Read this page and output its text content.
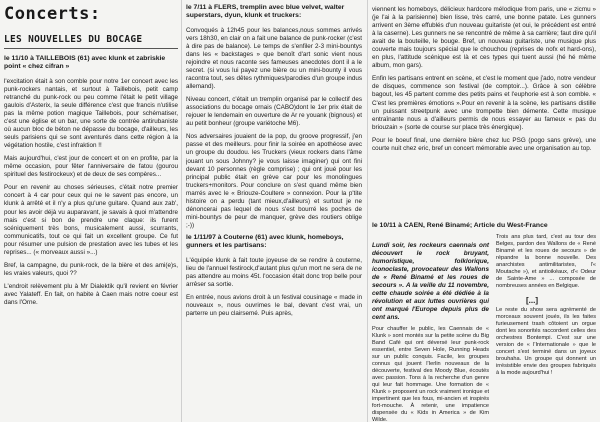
Concerts:
LES NOUVELLES DU BOCAGE
le 11/10 à TAILLEBOIS (61) avec klunk et zabriskie point « chez cifran »

l'excitation était à son comble pour notre 1er concert avec les punk-rockers nantais, et surtout à Taillebois, petit camp retranché du punk-rock ou peu comme l'était le petit village gaulois d'Asterix, la seule différence c'est que francis n'utilise pas la même potion magique Taillebois, pour schématiser, c'est une église et un bar, une sorte de contrée antirubaniste où aucun bloc de béton ne dépasse du bocage, d'ailleurs, les seuls parisiens qui se sont aventurés dans cette région à la végétation hostile, c'est infraktion !!

Mais aujourd'hui, c'est jour de concert et on en profite, par la même occasion, pour fêter l'anniversaire de fatou (gourou spirituel des festirockeux) et de deux de ses compères...

Pour en revenir au choses sérieuses, c'était notre premier concert à 4 car pour ceux qui ne le savent pas encore, un klunk à arrêté et il n'y a plus qu'une guitare. Quand aux zab', pour les avoir déjà vu auparavant, je savais à quoi m'attendre mais c'est si bon de prendre une claque: ils furent scéniquement très bons, musicalement aussi, scurrants, communicatifs, tout ce qui fait un excellent groupe. Ce fut pour résumer une pulsion de prestation avec les tubes et les reprises... (« morveaux aussi »...)

Bref, la campagne, du punk-rock, de la bière et des ami(e)s, les vraies valeurs, quoi ??

L'endroit relèvement plu à Mr Dialektik qu'il revient en février avec Yalateff. En fait, on habite à Caen mais notre coeur est dans l'Orne.

le 7/11 à FLERS, tremplin avec blue velvet, walter superstars, dyun, klunk et truckers:

Convoqués à 12h45 pour les balances,nous sommes arrivés vers 18h30, en clair on a fait une balance de punk-rocker (c'est à dire pas de balance). Le temps de s'enfiler 2-3 mini-bountys dans les « backstages » que benoît d'art sonic vient nous rejoindre et nous raconte ses fameuses anecdotes dont il a le secret. (si vous lui payez une bière ou un mini-bounty il vous racontra tout, ses dêtes rythmiques/parodies d'un groupe indus allemand).

Niveau concert, c'était un tremplin organisé par le collectif des associations du bocage ornais (CABO)dont le 1er prix était de rejouer le lendemain en ouverture de Ar re youank (bignous) et au petit bonheur (groupe variétoche M6).

Nos adversaires jouaient de la pop, du groove progressif, j'en passe et des meilleurs. pour finir la soirée en apothéose avec un groupe du doudou. les Truckers (vieux rockers dans l'âme jouant un sous Johnny? je vous laisse imaginer) qui ont fini devant 10 personnes (règle comprise) ; qui ont joué pour les principal public était en grève car pour les monolingues truckers+monitors. Pour conclure on s'est quand même bien marrés avec le « Briouze-Coultere » connexion. Pour la p'tite histoire on a perdu (tant mieux,d'ailleurs) et surtout je ne dénoncerai pas lequel de nous s'est bourré les poches de mini-bountys de peur de manquer, grève des routiers oblige ;-))

le 1/11/97 à Couterne (61) avec klunk, homeboys, gunners et les partisans:

L'équipée klunk à fait toute joyeuse de se rendre à couterne, lieu de l'annuel festirock,d'autant plus qu'un mort ne sera de ne pas attendre au moins 45t. l'occasion était donc trop belle pour arrêser sa sortie.

En entrée, nous avions droit à un festival cousinage « made in nouveaux », nous ouvrimes le bal, devant c'est vrai, un parterre un peu clairsemé. Puis après,

viennent les homeboys, délicieux hardcore mélodique from paris, une « zicmu » (je l'ai à la parisienne) bien lisse, très carré, une bonne patate. Les gunners arrivent en 3ème effublés d'un nouveau guitariste (et oui, le précédent est entré à la caserne). Les gunners ne se rencontré de même à sa carrière; faut dire qu'il avait de la bouteille, le bouge. Bref, un nouveau guitariste, une musique plus couverte mais toujours spécial que le chouchou (reprises de nofx et hard-ons), en plus, l'attitude scénique est là et ces types qui tuent aussi (hé hé même album, mon gars).

Enfin les partisans entrent en scène, et c'est le moment que j'ado, notre vendeur de disques, commence son festival (de comptoir...). Grâce à son célèbre bagout, les 45 partent comme des petits pains et l'euphorie est à son comble. « C'est les premières émotions ».Pour en revenir à la scène, les partisans distille un puissant streetpunk avec une trompette bien démente. Cette musique entraînante nous a d'ailleurs permis de nous essayer au fameux « pas du briouzain » (sorte de course sur place très énergique).

Pour le boeuf final, une dernière bière chez luc PSG (pogo sans grève), une courte nuit chez eric, bref un concert mémorable avec une organisation au top.

le 10/11 à CAEN, René Binamé; Article du West-France
Lundi soir, les rockeurs caennais ont découvert le rock bruyant, humoristique, folklorique, iconoclaste, provocateur des Wallons de « René Binamé et les roues de secours ». A la veille du 11 novembre, cette chaude soirée a été dédiée à la révolution et aux luttes ouvrières qui ont marqué l'Europe depuis plus de cent ans.
Pour chauffer le public, les Caennais de « Klunk » sont montés sur la petite scène du Big Band Café qui ont déversé leur punk-rock essentiel, entre Seven Hole, Running Heads sur un public conquis. Facile, les groupes connus qui jouent l'Ierlin nouveaux de la découverte, festival des Moody Blue, écoutés avec passion. Tons à la recherche d'un genre qui leur fait hommage. Une formation de « Klunk » proposent un rock vraiment ironique et impertinent que les fous, mi-ancien et inspirés fort-mouche. À retenir, une impatience dispensée du « Kids in America » de Kim Wilde.
Trois ans plus tard, c'est au tour des Belges, pardon des Wallons de « René Binamé et les roues de secours » de répandre la bonne nouvelle. Des anarchistes antimilitaristes, l'« Moutache »), et antioikéaux, d'« Odeur de Sainte-Ame » ... composée de nombreuses années en Belgique.
[...]
Le reste du show sera agrémenté de morceaux souvent joués, ils les faites furieusement trash côtoient un orgue dont les sonorités raccordent celles des orchestres Bontempi. C'est sur une version de « l'Internationale » que le concert s'est terminé dans un joyeux brouhaha. Un groupe qui donnent un irrésistible envie des groupes fabriqués à la mode aujourd'hui !
